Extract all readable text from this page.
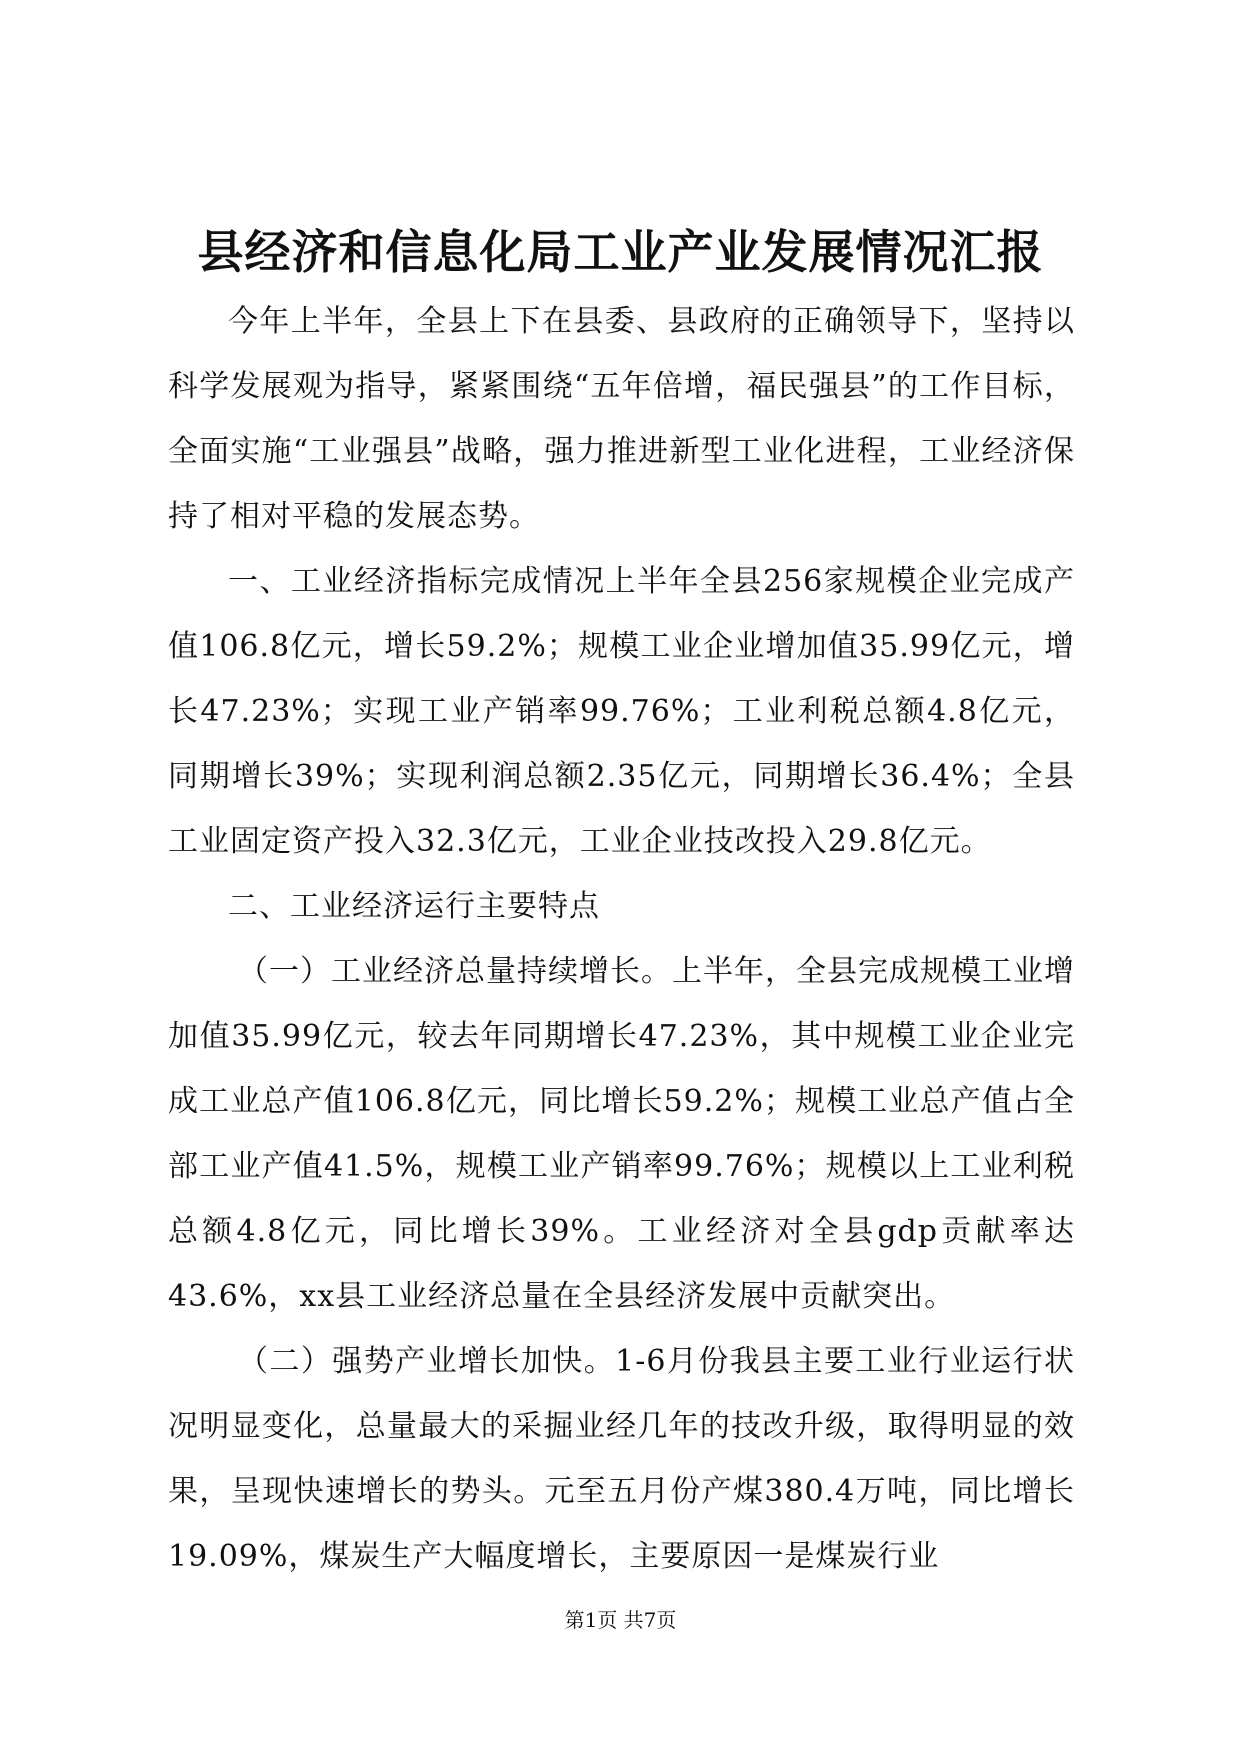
县经济和信息化局工业产业发展情况汇报

今年上半年，全县上下在县委、县政府的正确领导下，坚持以科学发展观为指导，紧紧围绕“五年倍增，福民强县”的工作目标，全面实施“工业强县”战略，强力推进新型工业化进程，工业经济保持了相对平稳的发展态势。

一、工业经济指标完成情况上半年全县256家规模企业完成产值106.8亿元，增长59.2%；规模工业企业增加值35.99亿元，增长47.23%；实现工业产销率99.76%；工业利税总额4.8亿元，同期增长39%；实现利润总额2.35亿元，同期增长36.4%；全县工业固定资产投入32.3亿元，工业企业技改投入29.8亿元。

二、工业经济运行主要特点

（一）工业经济总量持续增长。上半年，全县完成规模工业增加值35.99亿元，较去年同期增长47.23%，其中规模工业企业完成工业总产值106.8亿元，同比增长59.2%；规模工业总产值占全部工业产值41.5%，规模工业产销率99.76%；规模以上工业利税总额4.8亿元，同比增长39%。工业经济对全县gdp贡献率达43.6%，xx县工业经济总量在全县经济发展中贡献突出。

（二）强势产业增长加快。1-6月份我县主要工业行业运行状况明显变化，总量最大的采掘业经几年的技改升级，取得明显的效果，呈现快速增长的势头。元至五月份产煤380.4万吨，同比增长19.09%，煤炭生产大幅度增长，主要原因一是煤炭行业

第1页 共7页
